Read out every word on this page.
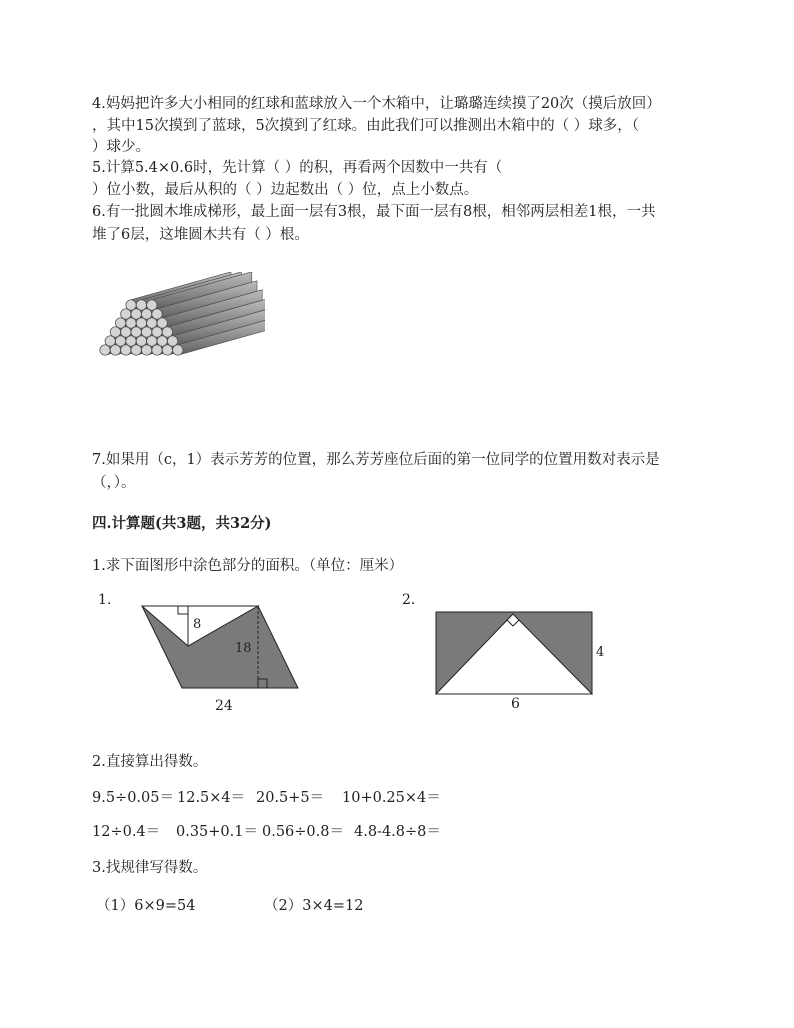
4.妈妈把许多大小相同的红球和蓝球放入一个木箱中，让璐璐连续摸了20次（摸后放回）
，其中15次摸到了蓝球，5次摸到了红球。由此我们可以推测出木箱中的（ ）球多，（
）球少。
5.计算5.4×0.6时，先计算（ ）的积，再看两个因数中一共有（
）位小数，最后从积的（ ）边起数出（ ）位，点上小数点。
6.有一批圆木堆成梯形，最上面一层有3根，最下面一层有8根，相邻两层相差1根，一共
堆了6层，这堆圆木共有（ ）根。
7.如果用（c，1）表示芳芳的位置，那么芳芳座位后面的第一位同学的位置用数对表示是
（，）。
四.计算题(共3题，共32分)
1.求下面图形中涂色部分的面积。（单位：厘米）
1.
8
18
24
2.
4
6
2.直接算出得数。
9.5÷0.05＝ 12.5×4＝ 20.5+5＝ 10+0.25×4＝
12÷0.4＝ 0.35+0.1＝ 0.56÷0.8＝ 4.8-4.8÷8＝
3.找规律写得数。
（1）6×9=54	（2）3×4=12
